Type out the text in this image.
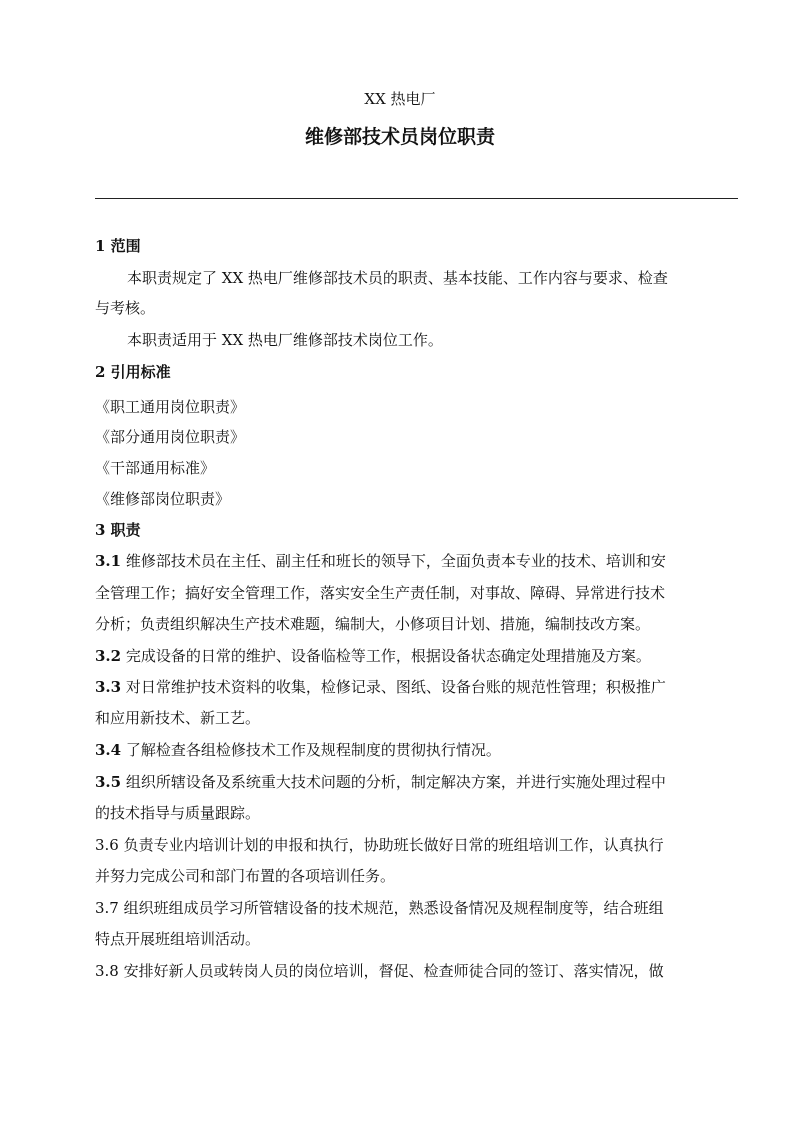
XX 热电厂
维修部技术员岗位职责
1 范围
本职责规定了 XX 热电厂维修部技术员的职责、基本技能、工作内容与要求、检查
与考核。
本职责适用于 XX 热电厂维修部技术岗位工作。
2 引用标准
《职工通用岗位职责》
《部分通用岗位职责》
《干部通用标准》
《维修部岗位职责》
3 职责
3.1 维修部技术员在主任、副主任和班长的领导下，全面负责本专业的技术、培训和安
全管理工作；搞好安全管理工作，落实安全生产责任制，对事故、障碍、异常进行技术
分析；负责组织解决生产技术难题，编制大，小修项目计划、措施，编制技改方案。
3.2 完成设备的日常的维护、设备临检等工作，根据设备状态确定处理措施及方案。
3.3 对日常维护技术资料的收集，检修记录、图纸、设备台账的规范性管理；积极推广
和应用新技术、新工艺。
3.4 了解检查各组检修技术工作及规程制度的贯彻执行情况。
3.5 组织所辖设备及系统重大技术问题的分析，制定解决方案，并进行实施处理过程中
的技术指导与质量跟踪。
3.6 负责专业内培训计划的申报和执行，协助班长做好日常的班组培训工作，认真执行
并努力完成公司和部门布置的各项培训任务。
3.7 组织班组成员学习所管辖设备的技术规范，熟悉设备情况及规程制度等，结合班组
特点开展班组培训活动。
3.8 安排好新人员或转岗人员的岗位培训，督促、检查师徒合同的签订、落实情况，做
